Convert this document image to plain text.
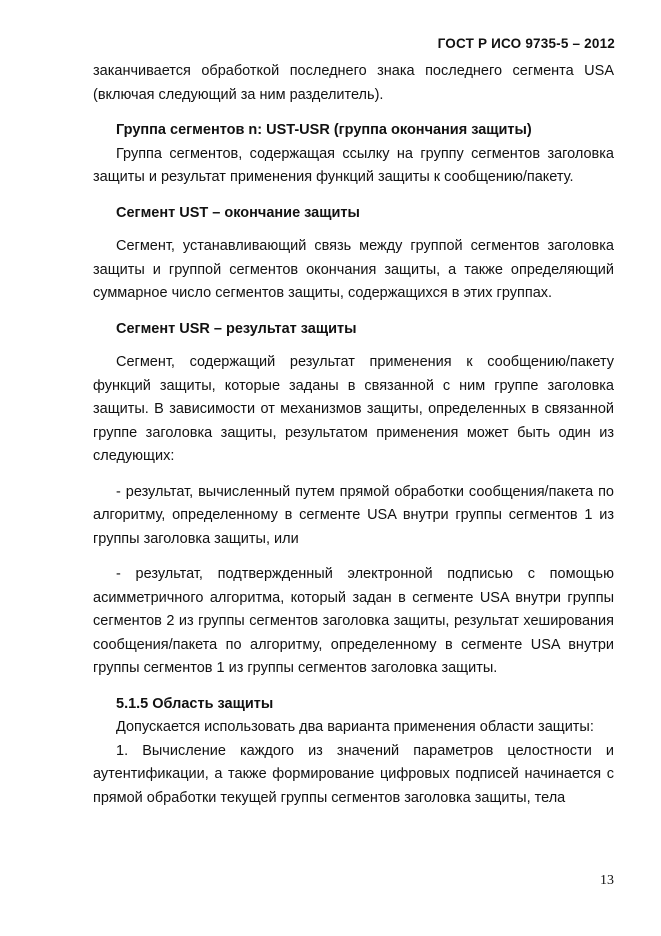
ГОСТ Р ИСО 9735-5 – 2012

заканчивается обработкой последнего знака последнего сегмента USA (включая следующий за ним разделитель).

Группа сегментов n: UST-USR (группа окончания защиты)

Группа сегментов, содержащая ссылку на группу сегментов заголовка защиты и результат применения функций защиты к сообщению/пакету.

Сегмент UST – окончание защиты

Сегмент, устанавливающий связь между группой сегментов заголовка защиты и группой сегментов окончания защиты, а также определяющий суммарное число сегментов защиты, содержащихся в этих группах.

Сегмент USR – результат защиты

Сегмент, содержащий результат применения к сообщению/пакету функций защиты, которые заданы в связанной с ним группе заголовка защиты. В зависимости от механизмов защиты, определенных в связанной группе заголовка защиты, результатом применения может быть один из следующих:

- результат, вычисленный путем прямой обработки сообщения/пакета по алгоритму, определенному в сегменте USA внутри группы сегментов 1 из группы заголовка защиты, или

- результат, подтвержденный электронной подписью с помощью асимметричного алгоритма, который задан в сегменте USA внутри группы сегментов 2 из группы сегментов заголовка защиты, результат хеширования сообщения/пакета по алгоритму, определенному в сегменте USA внутри группы сегментов 1 из группы сегментов заголовка защиты.

5.1.5 Область защиты

Допускается использовать два варианта применения области защиты:

1. Вычисление каждого из значений параметров целостности и аутентификации, а также формирование цифровых подписей начинается с прямой обработки текущей группы сегментов заголовка защиты, тела

13
